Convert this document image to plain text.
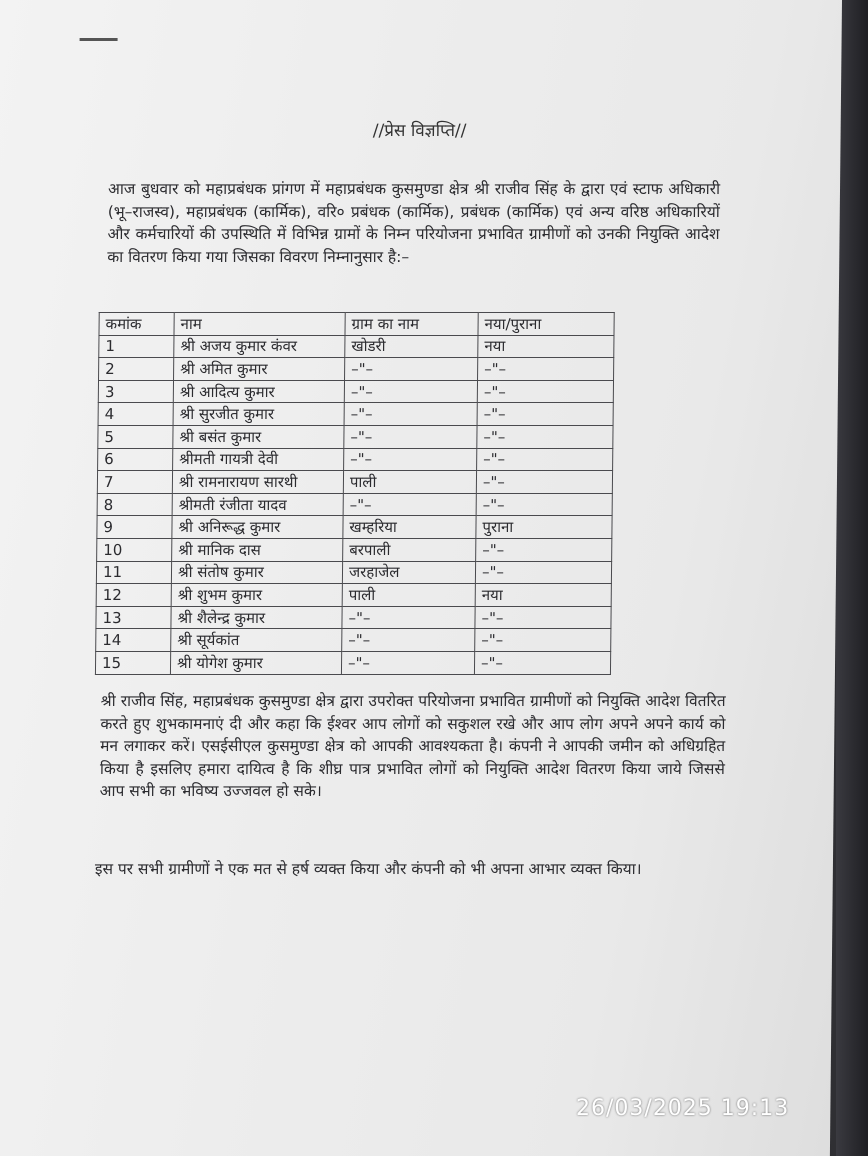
//प्रेस विज्ञप्ति//
आज बुधवार को महाप्रबंधक प्रांगण में महाप्रबंधक कुसमुण्डा क्षेत्र श्री राजीव सिंह के द्वारा एवं स्टाफ अधिकारी (भू–राजस्व), महाप्रबंधक (कार्मिक), वरि० प्रबंधक (कार्मिक), प्रबंधक (कार्मिक) एवं अन्य वरिष्ठ अधिकारियों और कर्मचारियों की उपस्थिति में विभिन्न ग्रामों के निम्न परियोजना प्रभावित ग्रामीणों को उनकी नियुक्ति आदेश का वितरण किया गया जिसका विवरण निम्नानुसार है:–
कमांक	नाम	ग्राम का नाम	नया/पुराना
1	श्री अजय कुमार कंवर	खोडरी	नया
2	श्री अमित कुमार	–"–	–"–
3	श्री आदित्य कुमार	–"–	–"–
4	श्री सुरजीत कुमार	–"–	–"–
5	श्री बसंत कुमार	–"–	–"–
6	श्रीमती गायत्री देवी	–"–	–"–
7	श्री रामनारायण सारथी	पाली	–"–
8	श्रीमती रंजीता यादव	–"–	–"–
9	श्री अनिरूद्ध कुमार	खम्हरिया	पुराना
10	श्री मानिक दास	बरपाली	–"–
11	श्री संतोष कुमार	जरहाजेल	–"–
12	श्री शुभम कुमार	पाली	नया
13	श्री शैलेन्द्र कुमार	–"–	–"–
14	श्री सूर्यकांत	–"–	–"–
15	श्री योगेश कुमार	–"–	–"–
श्री राजीव सिंह, महाप्रबंधक कुसमुण्डा क्षेत्र द्वारा उपरोक्त परियोजना प्रभावित ग्रामीणों को नियुक्ति आदेश वितरित करते हुए शुभकामनाएं दी और कहा कि ईश्वर आप लोगों को सकुशल रखे और आप लोग अपने अपने कार्य को मन लगाकर करें। एसईसीएल कुसमुण्डा क्षेत्र को आपकी आवश्यकता है। कंपनी ने आपकी जमीन को अधिग्रहित किया है इसलिए हमारा दायित्व है कि शीघ्र पात्र प्रभावित लोगों को नियुक्ति आदेश वितरण किया जाये जिससे आप सभी का भविष्य उज्जवल हो सके।
इस पर सभी ग्रामीणों ने एक मत से हर्ष व्यक्त किया और कंपनी को भी अपना आभार व्यक्त किया।
26/03/2025 19:13
